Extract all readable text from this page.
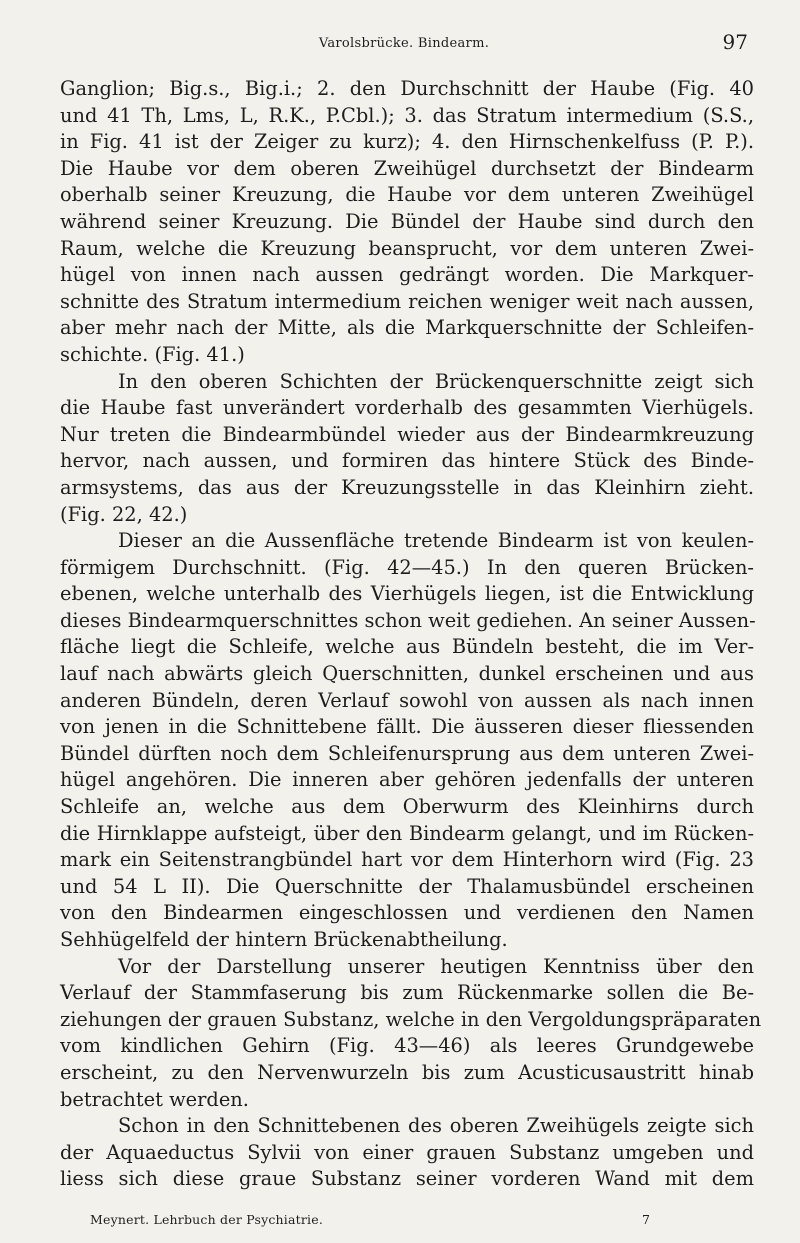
Varolsbrücke. Bindearm.	97
Ganglion; Big.s., Big.i.; 2. den Durchschnitt der Haube (Fig. 40
und 41 Th, Lms, L, R.K., P.Cbl.); 3. das Stratum intermedium (S.S.,
in Fig. 41 ist der Zeiger zu kurz); 4. den Hirnschenkelfuss (P. P.).
Die Haube vor dem oberen Zweihügel durchsetzt der Bindearm
oberhalb seiner Kreuzung, die Haube vor dem unteren Zweihügel
während seiner Kreuzung. Die Bündel der Haube sind durch den
Raum, welche die Kreuzung beansprucht, vor dem unteren Zwei-
hügel von innen nach aussen gedrängt worden. Die Markquer-
schnitte des Stratum intermedium reichen weniger weit nach aussen,
aber mehr nach der Mitte, als die Markquerschnitte der Schleifen-
schichte. (Fig. 41.)
In den oberen Schichten der Brückenquerschnitte zeigt sich
die Haube fast unverändert vorderhalb des gesammten Vierhügels.
Nur treten die Bindearmbündel wieder aus der Bindearmkreuzung
hervor, nach aussen, und formiren das hintere Stück des Binde-
armsystems, das aus der Kreuzungsstelle in das Kleinhirn zieht.
(Fig. 22, 42.)
Dieser an die Aussenfläche tretende Bindearm ist von keulen-
förmigem Durchschnitt. (Fig. 42—45.) In den queren Brücken-
ebenen, welche unterhalb des Vierhügels liegen, ist die Entwicklung
dieses Bindearmquerschnittes schon weit gediehen. An seiner Aussen-
fläche liegt die Schleife, welche aus Bündeln besteht, die im Ver-
lauf nach abwärts gleich Querschnitten, dunkel erscheinen und aus
anderen Bündeln, deren Verlauf sowohl von aussen als nach innen
von jenen in die Schnittebene fällt. Die äusseren dieser fliessenden
Bündel dürften noch dem Schleifenursprung aus dem unteren Zwei-
hügel angehören. Die inneren aber gehören jedenfalls der unteren
Schleife an, welche aus dem Oberwurm des Kleinhirns durch
die Hirnklappe aufsteigt, über den Bindearm gelangt, und im Rücken-
mark ein Seitenstrangbündel hart vor dem Hinterhorn wird (Fig. 23
und 54 L II). Die Querschnitte der Thalamusbündel erscheinen
von den Bindearmen eingeschlossen und verdienen den Namen
Sehhügelfeld der hintern Brückenabtheilung.
Vor der Darstellung unserer heutigen Kenntniss über den
Verlauf der Stammfaserung bis zum Rückenmarke sollen die Be-
ziehungen der grauen Substanz, welche in den Vergoldungspräparaten
vom kindlichen Gehirn (Fig. 43—46) als leeres Grundgewebe
erscheint, zu den Nervenwurzeln bis zum Acusticusaustritt hinab
betrachtet werden.
Schon in den Schnittebenen des oberen Zweihügels zeigte sich
der Aquaeductus Sylvii von einer grauen Substanz umgeben und
liess sich diese graue Substanz seiner vorderen Wand mit dem
Meynert. Lehrbuch der Psychiatrie.	7
